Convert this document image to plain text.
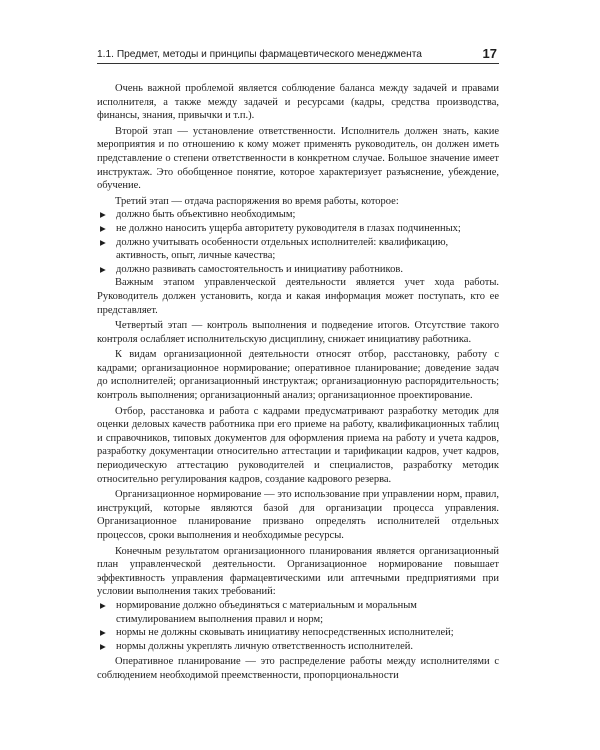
1.1. Предмет, методы и принципы фармацевтического менеджмента	17

Очень важной проблемой является соблюдение баланса между задачей и правами исполнителя, а также между задачей и ресурсами (кадры, средства производства, финансы, знания, привычки и т.п.).

Второй этап — установление ответственности. Исполнитель должен знать, какие мероприятия и по отношению к кому может применять руководитель, он должен иметь представление о степени ответственности в конкретном случае. Большое значение имеет инструктаж. Это обобщенное понятие, которое характеризует разъяснение, убеждение, обучение.

Третий этап — отдача распоряжения во время работы, которое:

▶ должно быть объективно необходимым;
▶ не должно наносить ущерба авторитету руководителя в глазах подчиненных;
▶ должно учитывать особенности отдельных исполнителей: квалификацию, активность, опыт, личные качества;
▶ должно развивать самостоятельность и инициативу работников.

Важным этапом управленческой деятельности является учет хода работы. Руководитель должен установить, когда и какая информация может поступать, кто ее представляет.

Четвертый этап — контроль выполнения и подведение итогов. Отсутствие такого контроля ослабляет исполнительскую дисциплину, снижает инициативу работника.

К видам организационной деятельности относят отбор, расстановку, работу с кадрами; организационное нормирование; оперативное планирование; доведение задач до исполнителей; организационный инструктаж; организационную распорядительность; контроль выполнения; организационный анализ; организационное проектирование.

Отбор, расстановка и работа с кадрами предусматривают разработку методик для оценки деловых качеств работника при его приеме на работу, квалификационных таблиц и справочников, типовых документов для оформления приема на работу и учета кадров, разработку документации относительно аттестации и тарификации кадров, учет кадров, периодическую аттестацию руководителей и специалистов, разработку методик относительно регулирования кадров, создание кадрового резерва.

Организационное нормирование — это использование при управлении норм, правил, инструкций, которые являются базой для организации процесса управления. Организационное планирование призвано определять исполнителей отдельных процессов, сроки выполнения и необходимые ресурсы.

Конечным результатом организационного планирования является организационный план управленческой деятельности. Организационное нормирование повышает эффективность управления фармацевтическими или аптечными предприятиями при условии выполнения таких требований:

▶ нормирование должно объединяться с материальным и моральным стимулированием выполнения правил и норм;
▶ нормы не должны сковывать инициативу непосредственных исполнителей;
▶ нормы должны укреплять личную ответственность исполнителей.

Оперативное планирование — это распределение работы между исполнителями с соблюдением необходимой преемственности, пропорциональности
